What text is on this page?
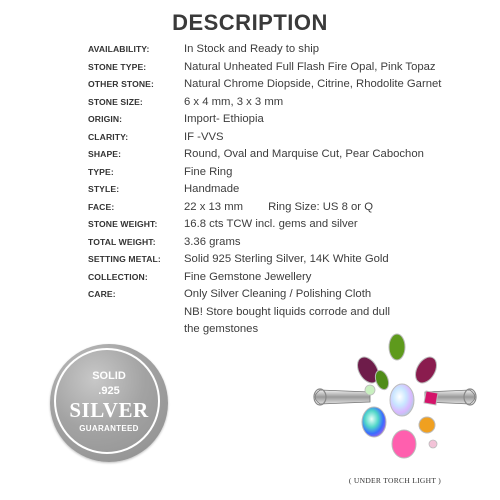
DESCRIPTION
AVAILABILITY:	In Stock and Ready to ship
STONE TYPE:	Natural Unheated Full Flash Fire Opal, Pink Topaz
OTHER STONE:	Natural Chrome Diopside, Citrine, Rhodolite Garnet
STONE SIZE:	6 x 4 mm, 3 x 3 mm
ORIGIN:	Import- Ethiopia
CLARITY:	IF -VVS
SHAPE:	Round, Oval and Marquise Cut, Pear Cabochon
TYPE:	Fine Ring
STYLE:	Handmade
FACE:	22 x 13 mm        Ring Size: US 8 or Q
STONE WEIGHT:	16.8 cts TCW incl. gems and silver
TOTAL WEIGHT:	3.36 grams
SETTING METAL:	Solid 925 Sterling Silver, 14K White Gold
COLLECTION:	Fine Gemstone Jewellery
CARE:	Only Silver Cleaning / Polishing Cloth
NB! Store bought liquids corrode and dull
the gemstones
SOLID
.925
SILVER
GUARANTEED
( UNDER TORCH LIGHT )
